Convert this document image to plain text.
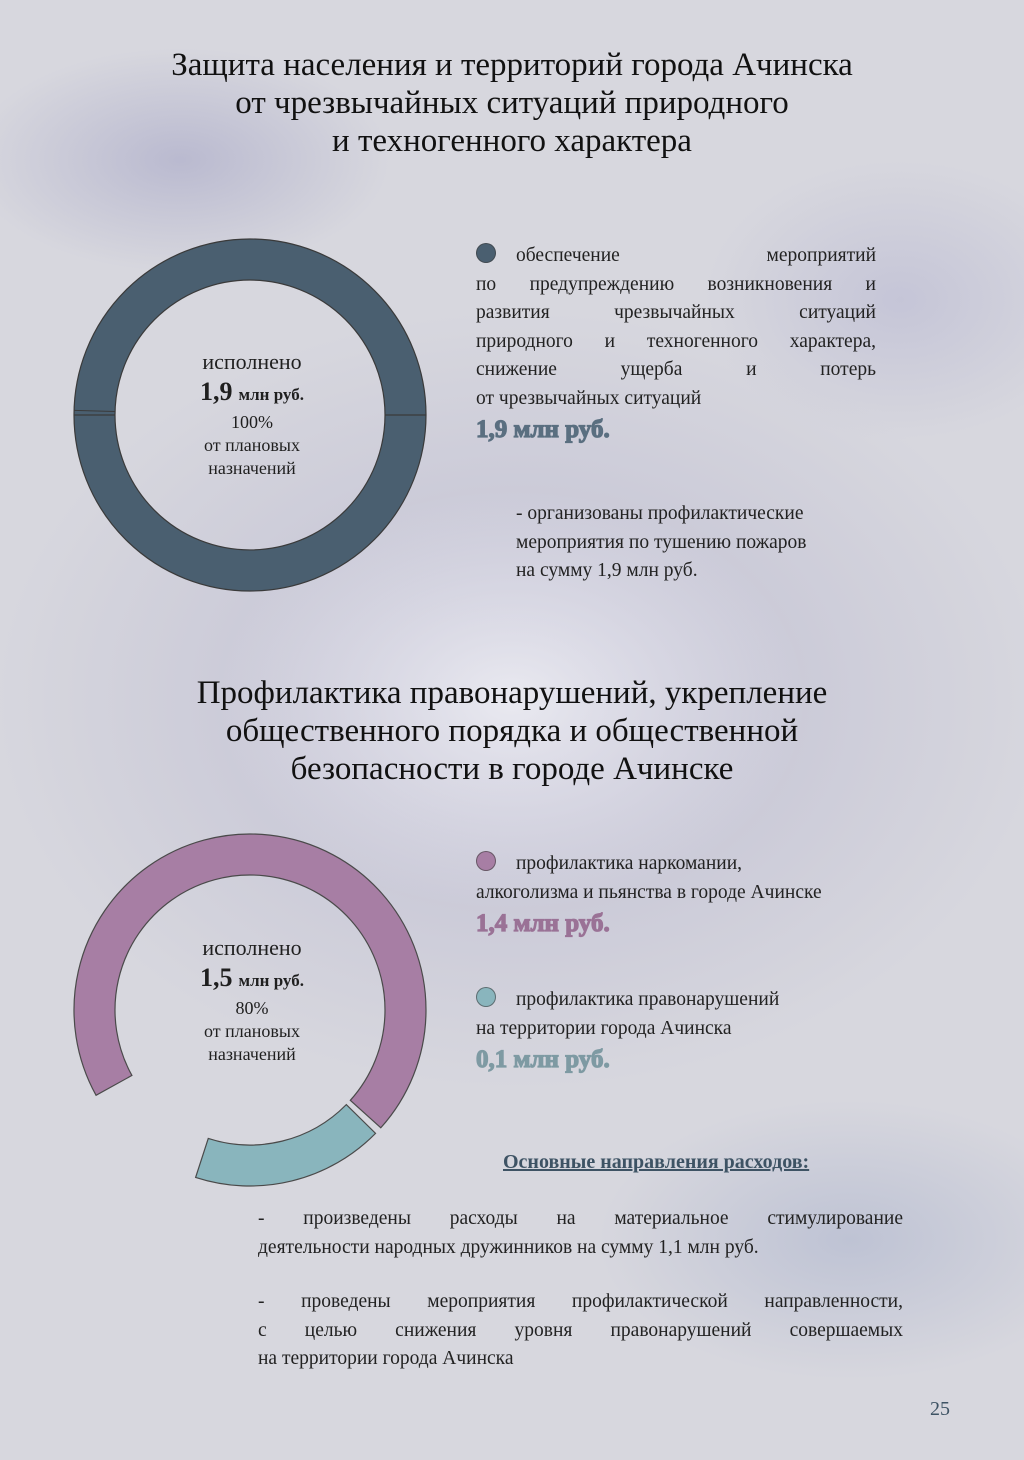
Защита населения и территорий города Ачинска
от чрезвычайных ситуаций природного
и техногенного характера
исполнено
1,9 млн руб.
100%
от плановых
назначений
обеспечение мероприятий
по предупреждению возникновения и
развития чрезвычайных ситуаций
природного и техногенного характера,
снижение ущерба и потерь
от чрезвычайных ситуаций
1,9 млн руб.
- организованы профилактические
мероприятия по тушению пожаров
на сумму 1,9 млн руб.
Профилактика правонарушений, укрепление
общественного порядка и общественной
безопасности в городе Ачинске
исполнено
1,5 млн руб.
80%
от плановых
назначений
профилактика наркомании,
алкоголизма и пьянства в городе Ачинске
1,4 млн руб.
профилактика правонарушений
на территории города Ачинска
0,1 млн руб.
Основные направления расходов:
- произведены расходы на материальное стимулирование
деятельности народных дружинников на сумму 1,1 млн руб.
- проведены мероприятия профилактической направленности,
с целью снижения уровня правонарушений совершаемых
на территории города Ачинска
25
